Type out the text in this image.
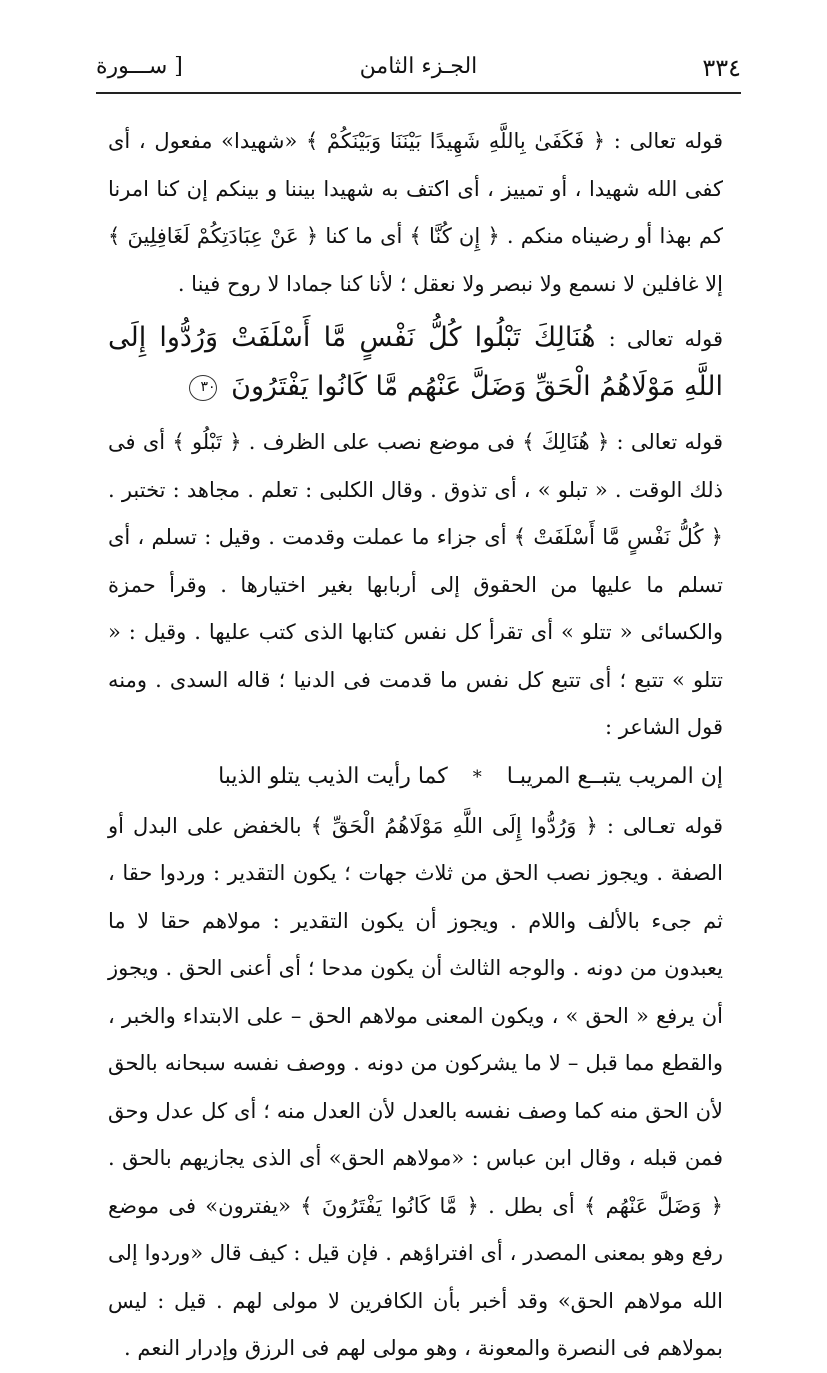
٣٣٤
الجـزء الثامن
[ ســـورة

قوله تعالى : ﴿ فَكَفَىٰ بِاللَّهِ شَهِيدًا بَيْنَنَا وَبَيْنَكُمْ ﴾ «شهيدا» مفعول ، أى كفى الله شهيدا ، أو تمييز ، أى اكتف به شهيدا بيننا و بينكم إن كنا امرنا كم بهذا أو رضيناه منكم . ﴿ إِن كُنَّا ﴾ أى ما كنا ﴿ عَنْ عِبَادَتِكُمْ لَغَافِلِينَ ﴾ إلا غافلين لا نسمع ولا نبصر ولا نعقل ؛ لأنا كنا جمادا لا روح فينا .

قوله تعالى : هُنَالِكَ تَبْلُوا كُلُّ نَفْسٍ مَّا أَسْلَفَتْ وَرُدُّوا إِلَى اللَّهِ مَوْلَاهُمُ الْحَقِّ وَضَلَّ عَنْهُم مَّا كَانُوا يَفْتَرُونَ ٣٠

قوله تعالى : ﴿ هُنَالِكَ ﴾ فى موضع نصب على الظرف . ﴿ تَبْلُو ﴾ أى فى ذلك الوقت . « تبلو » ، أى تذوق . وقال الكلبى : تعلم . مجاهد : تختبر . ﴿ كُلُّ نَفْسٍ مَّا أَسْلَفَتْ ﴾ أى جزاء ما عملت وقدمت . وقيل : تسلم ، أى تسلم ما عليها من الحقوق إلى أربابها بغير اختيارها . وقرأ حمزة والكسائى « تتلو » أى تقرأ كل نفس كتابها الذى كتب عليها . وقيل : « تتلو » تتبع ؛ أى تتبع كل نفس ما قدمت فى الدنيا ؛ قاله السدى . ومنه قول الشاعر :

إن المريب يتبــع المريبـا * كما رأيت الذيب يتلو الذيبا

قوله تعـالى : ﴿ وَرُدُّوا إِلَى اللَّهِ مَوْلَاهُمُ الْحَقِّ ﴾ بالخفض على البدل أو الصفة . ويجوز نصب الحق من ثلاث جهات ؛ يكون التقدير : وردوا حقا ، ثم جىء بالألف واللام . ويجوز أن يكون التقدير : مولاهم حقا لا ما يعبدون من دونه . والوجه الثالث أن يكون مدحا ؛ أى أعنى الحق . ويجوز أن يرفع « الحق » ، ويكون المعنى مولاهم الحق – على الابتداء والخبر ، والقطع مما قبل – لا ما يشركون من دونه . ووصف نفسه سبحانه بالحق لأن الحق منه كما وصف نفسه بالعدل لأن العدل منه ؛ أى كل عدل وحق فمن قبله ، وقال ابن عباس : «مولاهم الحق» أى الذى يجازيهم بالحق . ﴿ وَضَلَّ عَنْهُم ﴾ أى بطل . ﴿ مَّا كَانُوا يَفْتَرُونَ ﴾ «يفترون» فى موضع رفع وهو بمعنى المصدر ، أى افتراؤهم . فإن قيل : كيف قال «وردوا إلى الله مولاهم الحق» وقد أخبر بأن الكافرين لا مولى لهم . قيل : ليس بمولاهم فى النصرة والمعونة ، وهو مولى لهم فى الرزق وإدرار النعم .
